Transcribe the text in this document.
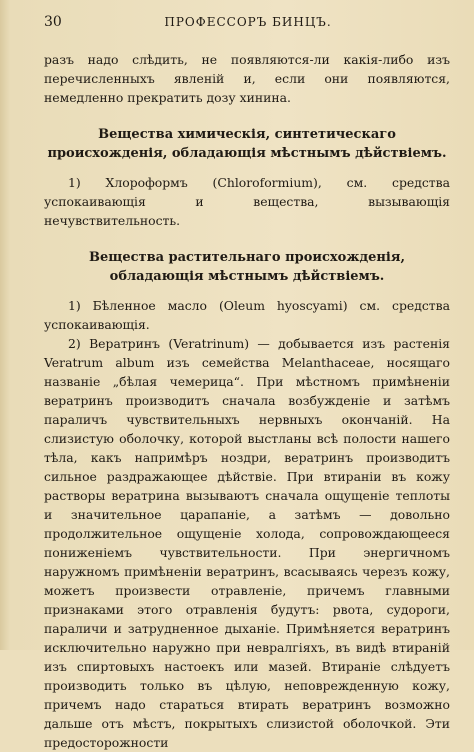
30	ПРОФЕССОРЪ БИНЦЪ.

разъ надо слѣдить, не появляются-ли какія-либо изъ перечисленныхъ явленій и, если они появляются, немедленно прекратить дозу хинина.

Вещества химическія, синтетическаго происхожденія, обладающія мѣстнымъ дѣйствіемъ.

1) Хлороформъ (Chloroformium), см. средства успокаивающія и вещества, вызывающія нечувствительность.

Вещества растительнаго происхожденія, обладающія мѣстнымъ дѣйствіемъ.

1) Бѣленное масло (Oleum hyoscyami) см. средства успокаивающія.

2) Вератринъ (Veratrinum) — добывается изъ растенія Veratrum album изъ семейства Melanthaceae, носящаго названіе „бѣлая чемерица“. При мѣстномъ примѣненіи вератринъ производитъ сначала возбужденіе и затѣмъ параличъ чувствительныхъ нервныхъ окончаній. На слизистую оболочку, которой выстланы всѣ полости нашего тѣла, какъ напримѣръ ноздри, вератринъ производитъ сильное раздражающее дѣйствіе. При втираніи въ кожу растворы вератрина вызываютъ сначала ощущеніе теплоты и значительное царапаніе, а затѣмъ — довольно продолжительное ощущеніе холода, сопровождающееся пониженіемъ чувствительности. При энергичномъ наружномъ примѣненіи вератринъ, всасываясь черезъ кожу, можетъ произвести отравленіе, причемъ главными признаками этого отравленія будутъ: рвота, судороги, параличи и затрудненное дыханіе. Примѣняется вератринъ исключительно наружно при невралгіяхъ, въ видѣ втираній изъ спиртовыхъ настоекъ или мазей. Втираніе слѣдуетъ производить только въ цѣлую, неповрежденную кожу, причемъ надо стараться втирать вератринъ возможно дальше отъ мѣстъ, покрытыхъ слизистой оболочкой. Эти предосторожности
